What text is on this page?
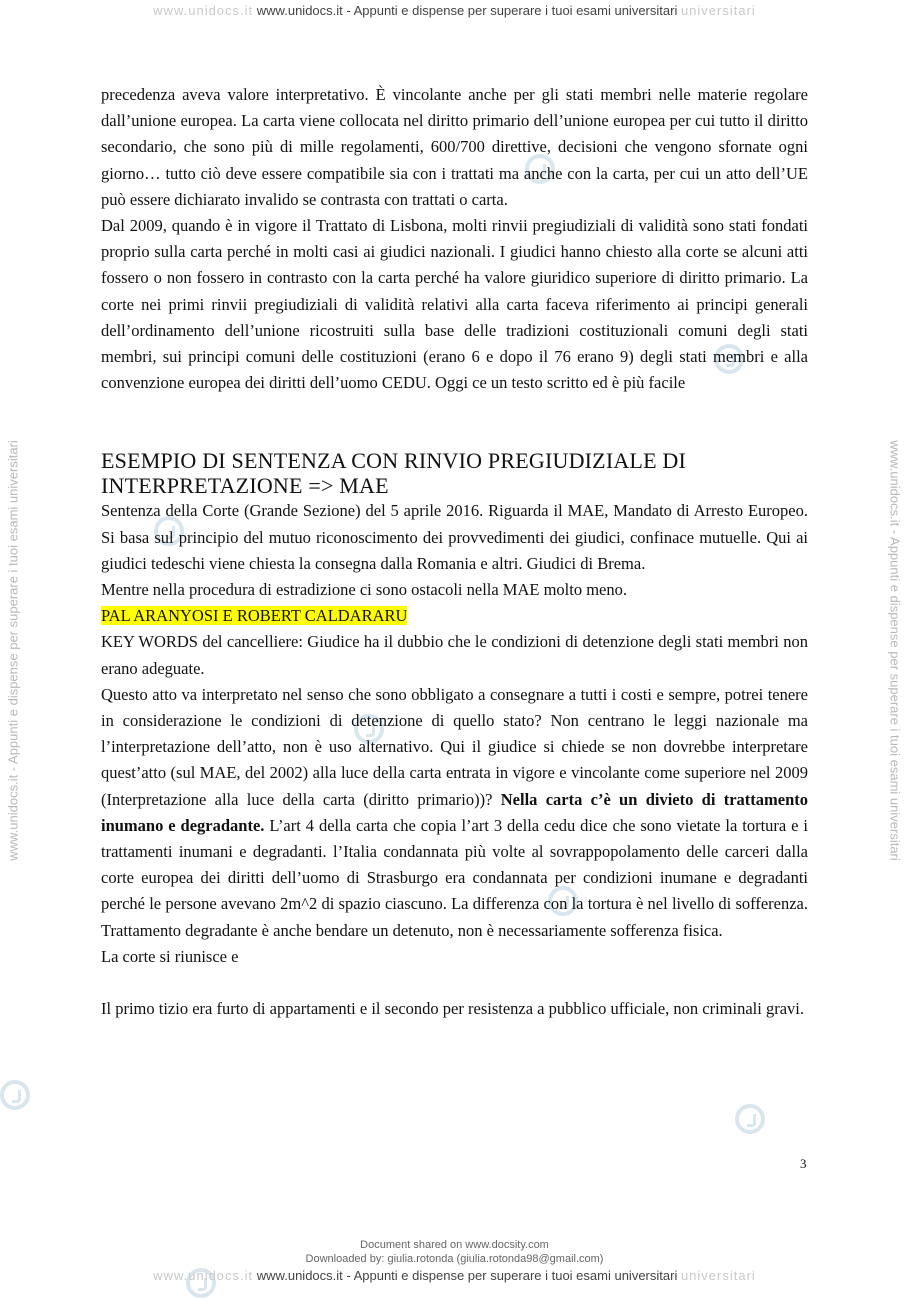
www.unidocs.it www.unidocs.it - Appunti e dispense per superare i tuoi esami universitari universitari
www.unidocs.it - Appunti e dispense per superare i tuoi esami universitari	www.unidocs.it - Appunti e dispense per superare i tuoi esami universitari

precedenza aveva valore interpretativo. È vincolante anche per gli stati membri nelle materie regolare dall’unione europea. La carta viene collocata nel diritto primario dell’unione europea per cui tutto il diritto secondario, che sono più di mille regolamenti, 600/700 direttive, decisioni che vengono sfornate ogni giorno… tutto ciò deve essere compatibile sia con i trattati ma anche con la carta, per cui un atto dell’UE può essere dichiarato invalido se contrasta con trattati o carta.

Dal 2009, quando è in vigore il Trattato di Lisbona, molti rinvii pregiudiziali di validità sono stati fondati proprio sulla carta perché in molti casi ai giudici nazionali. I giudici hanno chiesto alla corte se alcuni atti fossero o non fossero in contrasto con la carta perché ha valore giuridico superiore di diritto primario. La corte nei primi rinvii pregiudiziali di validità relativi alla carta faceva riferimento ai principi generali dell’ordinamento dell’unione ricostruiti sulla base delle tradizioni costituzionali comuni degli stati membri, sui principi comuni delle costituzioni (erano 6 e dopo il 76 erano 9) degli stati membri e alla convenzione europea dei diritti dell’uomo CEDU. Oggi ce un testo scritto ed è più facile

ESEMPIO DI SENTENZA CON RINVIO PREGIUDIZIALE DI INTERPRETAZIONE => MAE

Sentenza della Corte (Grande Sezione) del 5 aprile 2016. Riguarda il MAE, Mandato di Arresto Europeo. Si basa sul principio del mutuo riconoscimento dei provvedimenti dei giudici, confinace mutuelle. Qui ai giudici tedeschi viene chiesta la consegna dalla Romania e altri. Giudici di Brema.

Mentre nella procedura di estradizione ci sono ostacoli nella MAE molto meno.

PAL ARANYOSI E ROBERT CALDARARU

KEY WORDS del cancelliere: Giudice ha il dubbio che le condizioni di detenzione degli stati membri non erano adeguate.

Questo atto va interpretato nel senso che sono obbligato a consegnare a tutti i costi e sempre, potrei tenere in considerazione le condizioni di detenzione di quello stato? Non centrano le leggi nazionale ma l’interpretazione dell’atto, non è uso alternativo. Qui il giudice si chiede se non dovrebbe interpretare quest’atto (sul MAE, del 2002) alla luce della carta entrata in vigore e vincolante come superiore nel 2009 (Interpretazione alla luce della carta (diritto primario))? Nella carta c’è un divieto di trattamento inumano e degradante. L’art 4 della carta che copia l’art 3 della cedu dice che sono vietate la tortura e i trattamenti inumani e degradanti. l’Italia condannata più volte al sovrappopolamento delle carceri dalla corte europea dei diritti dell’uomo di Strasburgo era condannata per condizioni inumane e degradanti perché le persone avevano 2m^2 di spazio ciascuno. La differenza con la tortura è nel livello di sofferenza. Trattamento degradante è anche bendare un detenuto, non è necessariamente sofferenza fisica.

La corte si riunisce e

Il primo tizio era furto di appartamenti e il secondo per resistenza a pubblico ufficiale, non criminali gravi.

3
Document shared on www.docsity.com
Downloaded by: giulia.rotonda (giulia.rotonda98@gmail.com)
www.unidocs.it www.unidocs.it - Appunti e dispense per superare i tuoi esami universitari universitari
